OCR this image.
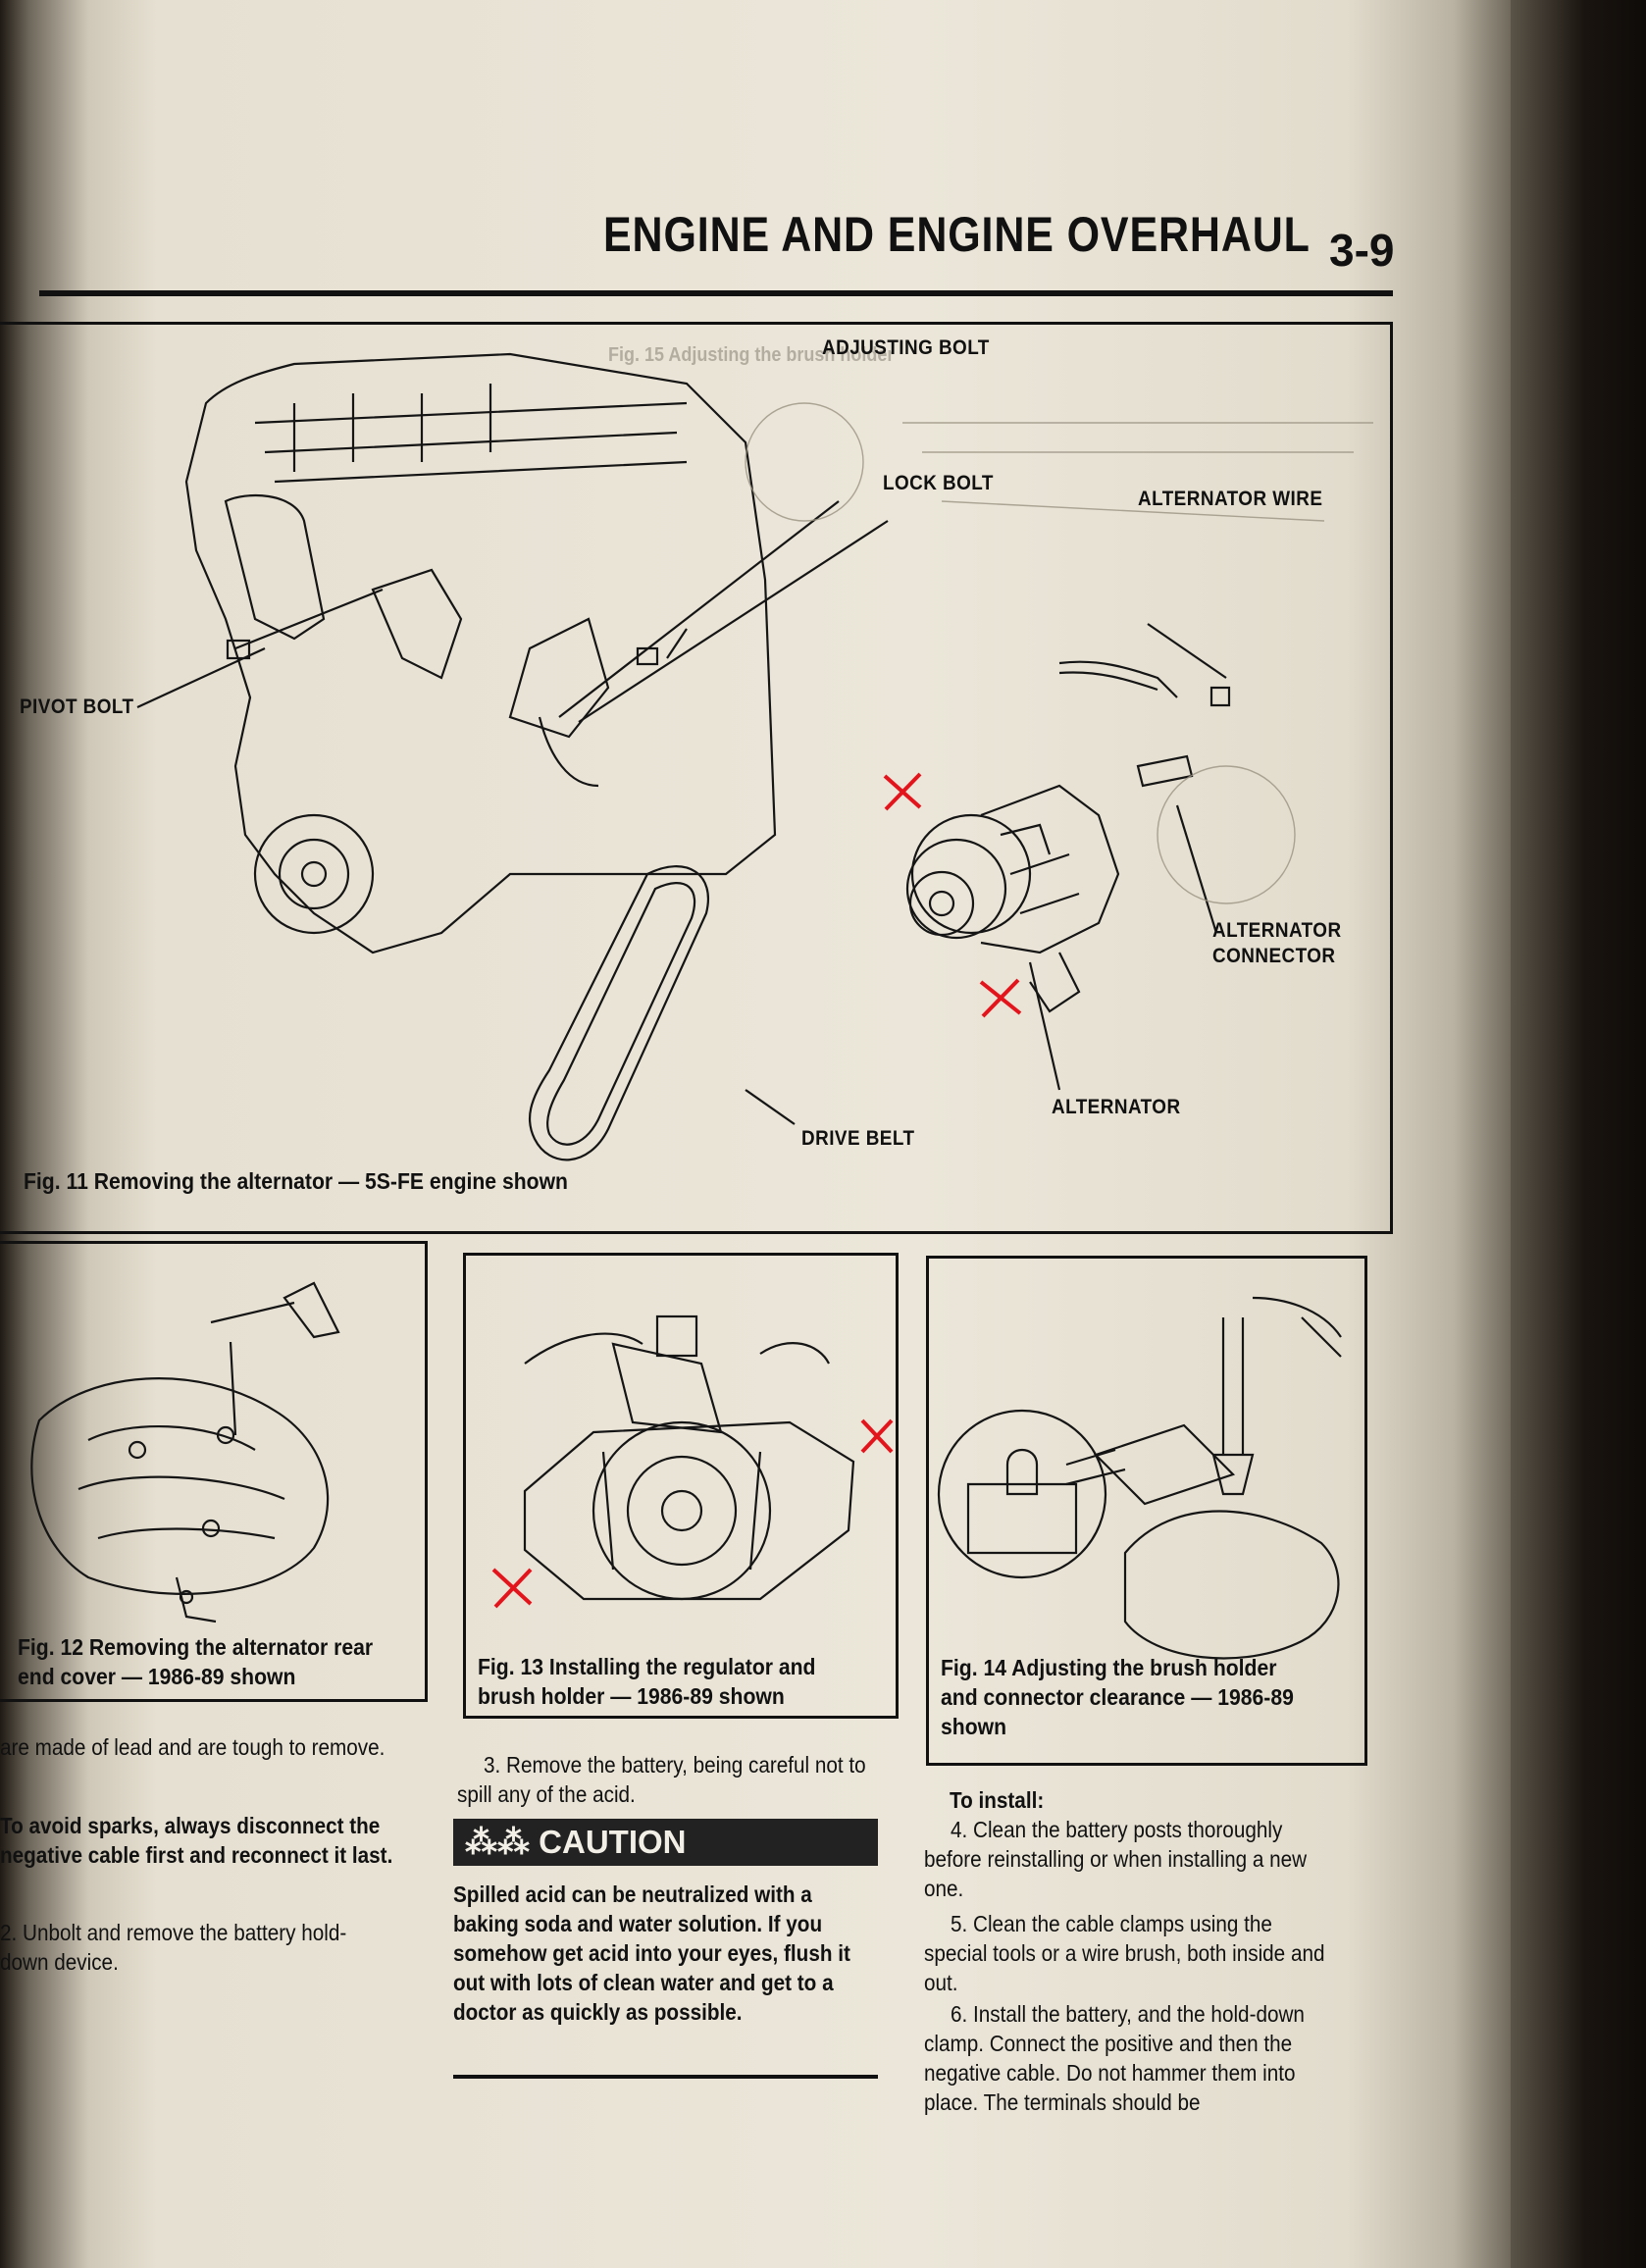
ENGINE AND ENGINE OVERHAUL 3-9
Fig. 15 Adjusting the brush holder
ADJUSTING BOLT
LOCK BOLT
ALTERNATOR WIRE
ALTERNATOR
CONNECTOR
ALTERNATOR
DRIVE BELT
PIVOT BOLT
Fig. 11 Removing the alternator — 5S-FE engine shown
Fig. 12 Removing the alternator rear
end cover — 1986-89 shown	Fig. 13 Installing the regulator and
brush holder — 1986-89 shown
Fig. 14 Adjusting the brush holder
and connector clearance — 1986-89
shown
are made of lead and are tough to remove.
To avoid sparks, always disconnect the negative cable first and reconnect it last.
2. Unbolt and remove the battery hold-down device.
3. Remove the battery, being careful not to spill any of the acid.
⁂⁂ CAUTION
Spilled acid can be neutralized with a baking soda and water solution. If you somehow get acid into your eyes, flush it out with lots of clean water and get to a doctor as quickly as possible.
To install:
4. Clean the battery posts thoroughly before reinstalling or when installing a new one.
5. Clean the cable clamps using the special tools or a wire brush, both inside and out.
6. Install the battery, and the hold-down clamp. Connect the positive and then the negative cable. Do not hammer them into place. The terminals should be
